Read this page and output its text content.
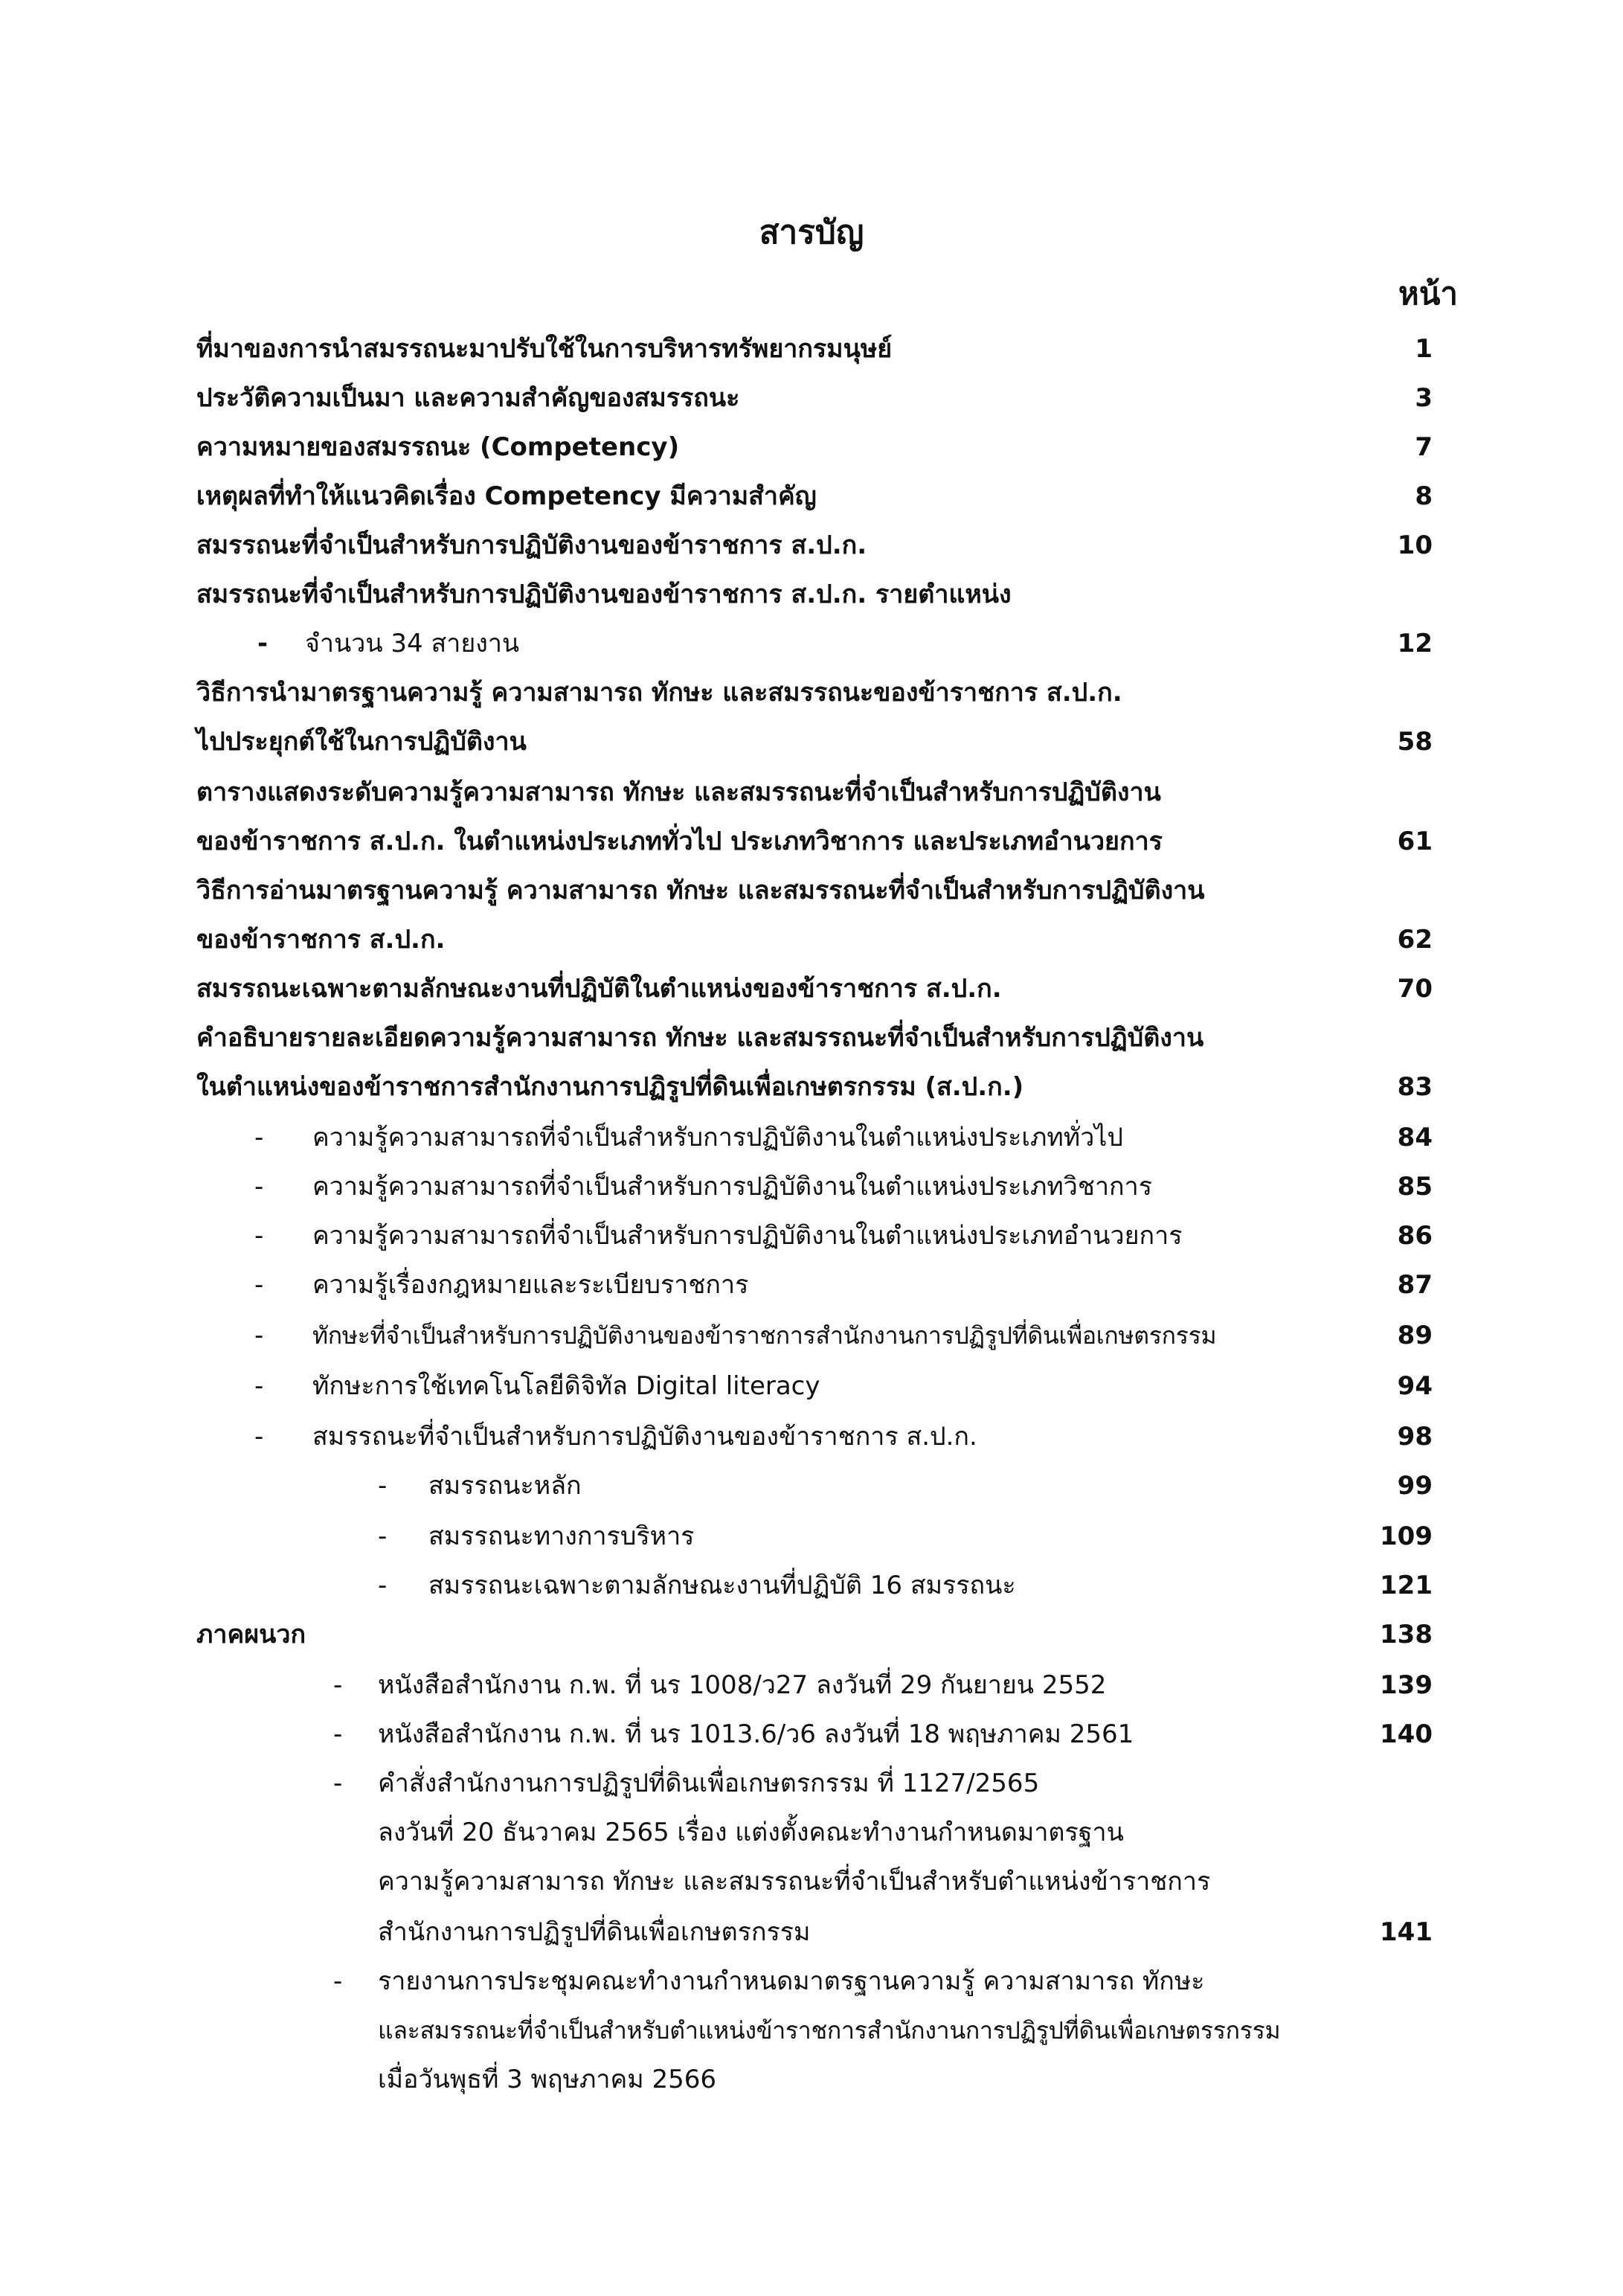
สารบัญ
หน้า
ที่มาของการนำสมรรถนะมาปรับใช้ในการบริหารทรัพยากรมนุษย์	1
ประวัติความเป็นมา และความสำคัญของสมรรถนะ	3
ความหมายของสมรรถนะ (Competency)	7
เหตุผลที่ทำให้แนวคิดเรื่อง Competency มีความสำคัญ	8
สมรรถนะที่จำเป็นสำหรับการปฏิบัติงานของข้าราชการ ส.ป.ก.	10
สมรรถนะที่จำเป็นสำหรับการปฏิบัติงานของข้าราชการ ส.ป.ก. รายตำแหน่ง
- จำนวน 34 สายงาน	12
วิธีการนำมาตรฐานความรู้ ความสามารถ ทักษะ และสมรรถนะของข้าราชการ ส.ป.ก.
ไปประยุกต์ใช้ในการปฏิบัติงาน	58
ตารางแสดงระดับความรู้ความสามารถ ทักษะ และสมรรถนะที่จำเป็นสำหรับการปฏิบัติงาน
ของข้าราชการ ส.ป.ก. ในตำแหน่งประเภททั่วไป ประเภทวิชาการ และประเภทอำนวยการ	61
วิธีการอ่านมาตรฐานความรู้ ความสามารถ ทักษะ และสมรรถนะที่จำเป็นสำหรับการปฏิบัติงาน
ของข้าราชการ ส.ป.ก.	62
สมรรถนะเฉพาะตามลักษณะงานที่ปฏิบัติในตำแหน่งของข้าราชการ ส.ป.ก.	70
คำอธิบายรายละเอียดความรู้ความสามารถ ทักษะ และสมรรถนะที่จำเป็นสำหรับการปฏิบัติงาน
ในตำแหน่งของข้าราชการสำนักงานการปฏิรูปที่ดินเพื่อเกษตรกรรม (ส.ป.ก.)	83
- ความรู้ความสามารถที่จำเป็นสำหรับการปฏิบัติงานในตำแหน่งประเภททั่วไป	84
- ความรู้ความสามารถที่จำเป็นสำหรับการปฏิบัติงานในตำแหน่งประเภทวิชาการ	85
- ความรู้ความสามารถที่จำเป็นสำหรับการปฏิบัติงานในตำแหน่งประเภทอำนวยการ	86
- ความรู้เรื่องกฎหมายและระเบียบราชการ	87
- ทักษะที่จำเป็นสำหรับการปฏิบัติงานของข้าราชการสำนักงานการปฏิรูปที่ดินเพื่อเกษตรกรรม	89
- ทักษะการใช้เทคโนโลยีดิจิทัล Digital literacy	94
- สมรรถนะที่จำเป็นสำหรับการปฏิบัติงานของข้าราชการ ส.ป.ก.	98
- สมรรถนะหลัก	99
- สมรรถนะทางการบริหาร	109
- สมรรถนะเฉพาะตามลักษณะงานที่ปฏิบัติ 16 สมรรถนะ	121
ภาคผนวก	138
- หนังสือสำนักงาน ก.พ. ที่ นร 1008/ว27 ลงวันที่ 29 กันยายน 2552	139
- หนังสือสำนักงาน ก.พ. ที่ นร 1013.6/ว6 ลงวันที่ 18 พฤษภาคม 2561	140
- คำสั่งสำนักงานการปฏิรูปที่ดินเพื่อเกษตรกรรม ที่ 1127/2565
ลงวันที่ 20 ธันวาคม 2565 เรื่อง แต่งตั้งคณะทำงานกำหนดมาตรฐาน
ความรู้ความสามารถ ทักษะ และสมรรถนะที่จำเป็นสำหรับตำแหน่งข้าราชการ
สำนักงานการปฏิรูปที่ดินเพื่อเกษตรกรรม	141
- รายงานการประชุมคณะทำงานกำหนดมาตรฐานความรู้ ความสามารถ ทักษะ
และสมรรถนะที่จำเป็นสำหรับตำแหน่งข้าราชการสำนักงานการปฏิรูปที่ดินเพื่อเกษตรรกรรม
เมื่อวันพุธที่ 3 พฤษภาคม 2566
